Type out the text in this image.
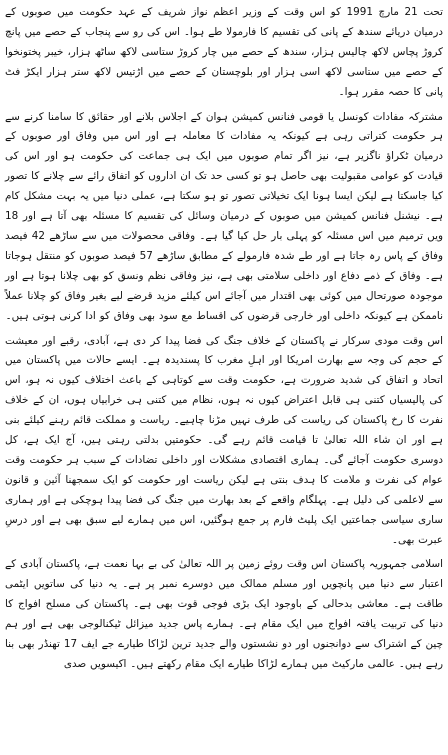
تحت 21 مارچ 1991 کو اس وقت کے وزیر اعظم نواز شریف کے عہد حکومت میں صوبوں کے درمیان دریائے سندھ کے پانی کی تقسیم کا فارمولا طے ہوا۔ اس کی رو سے پنجاب کے حصے میں پانچ کروڑ پچاس لاکھ چالیس ہزار، سندھ کے حصے میں چار کروڑ ستاسی لاکھ ساٹھ ہزار، خیبر پختونخوا کے حصے میں ستاسی لاکھ اسی ہزار اور بلوچستان کے حصے میں اڑتیس لاکھ ستر ہزار ایکڑ فٹ پانی کا حصہ مقرر ہوا۔

مشترکہ مفادات کونسل یا قومی فنانس کمیشن ہوان کے اجلاس بلانے اور حقائق کا سامنا کرنے سے ہر حکومت کتراتی رہی ہے کیونکہ یہ مفادات کا معاملہ ہے اور اس میں وفاق اور صوبوں کے درمیان ٹکراؤ ناگزیر ہے، نیز اگر تمام صوبوں میں ایک ہی جماعت کی حکومت ہو اور اس کی قیادت کو عوامی مقبولیت بھی حاصل ہو تو کسی حد تک ان اداروں کو اتفاق رائے سے چلانے کا تصور کیا جاسکتا ہے لیکن ایسا ہونا ایک تخیلاتی تصور تو ہو سکتا ہے، عملی دنیا میں یہ بہت مشکل کام ہے۔ نیشنل فنانس کمیشن میں صوبوں کے درمیان وسائل کی تقسیم کا مسئلہ بھی آتا ہے اور 18 ویں ترمیم میں اس مسئلہ کو پہلی بار حل کیا گیا ہے۔ وفاقی محصولات میں سے ساڑھے 42 فیصد وفاق کے پاس رہ جاتا ہے اور طے شدہ فارمولے کے مطابق ساڑھے 57 فیصد صوبوں کو منتقل ہوجاتا ہے۔ وفاق کے ذمے دفاع اور داخلی سلامتی بھی ہے، نیز وفاقی نظم ونسق کو بھی چلانا ہوتا ہے اور موجودہ صورتحال میں کوئی بھی اقتدار میں آجائے اس کیلئے مزید قرضے لیے بغیر وفاق کو چلانا عملاً ناممکن ہے کیونکہ داخلی اور خارجی قرضوں کی اقساط مع سود بھی وفاق کو ادا کرنی ہوتی ہیں۔

اس وقت مودی سرکار نے پاکستان کے خلاف جنگ کی فضا پیدا کر دی ہے، آبادی، رقبے اور معیشت کے حجم کی وجہ سے بھارت امریکا اور اہلِ مغرب کا پسندیدہ ہے۔ ایسے حالات میں پاکستان میں اتحاد و اتفاق کی شدید ضرورت ہے، حکومت وقت سے کوتاہی کے باعث اختلاف کیوں نہ ہو، اس کی پالیسیاں کتنی ہی قابل اعتراض کیوں نہ ہوں، نظام میں کتنی ہی خرابیاں ہوں، ان کے خلاف نفرت کا رخ پاکستان کی ریاست کی طرف نہیں مڑنا چاہیے۔ ریاست و مملکت قائم رہنے کیلئے بنی ہے اور ان شاء اللہ تعالیٰ تا قیامت قائم رہے گی۔ حکومتیں بدلتی رہتی ہیں، آج ایک ہے، کل دوسری حکومت آجائے گی۔ ہماری اقتصادی مشکلات اور داخلی تضادات کے سبب ہر حکومت وقت عوام کی نفرت و ملامت کا ہدف بنتی ہے لیکن ریاست اور حکومت کو ایک سمجھنا آئین و قانون سے لاعلمی کی دلیل ہے۔ پہلگام واقعے کے بعد بھارت میں جنگ کی فضا پیدا ہوچکی ہے اور ہماری ساری سیاسی جماعتیں ایک پلیٹ فارم پر جمع ہوگئیں، اس میں ہمارے لیے سبق بھی ہے اور درسِ عبرت بھی۔

اسلامی جمہوریہ پاکستان اس وقت روئے زمین پر اللہ تعالیٰ کی بے بہا نعمت ہے، پاکستان آبادی کے اعتبار سے دنیا میں پانچویں اور مسلم ممالک میں دوسرے نمبر پر ہے۔ یہ دنیا کی ساتویں ایٹمی طاقت ہے۔ معاشی بدحالی کے باوجود ایک بڑی فوجی قوت بھی ہے۔ پاکستان کی مسلح افواج کا دنیا کی تربیت یافتہ افواج میں ایک مقام ہے۔ ہمارے پاس جدید میزائل ٹیکنالوجی بھی ہے اور ہم چین کے اشتراک سے دوانجنوں اور دو نشستوں والے جدید ترین لڑاکا طیارے جے ایف 17 تھنڈر بھی بنا رہے ہیں۔ عالمی مارکیٹ میں ہمارے لڑاکا طیارے ایک مقام رکھتے ہیں۔ اکیسویں صدی
